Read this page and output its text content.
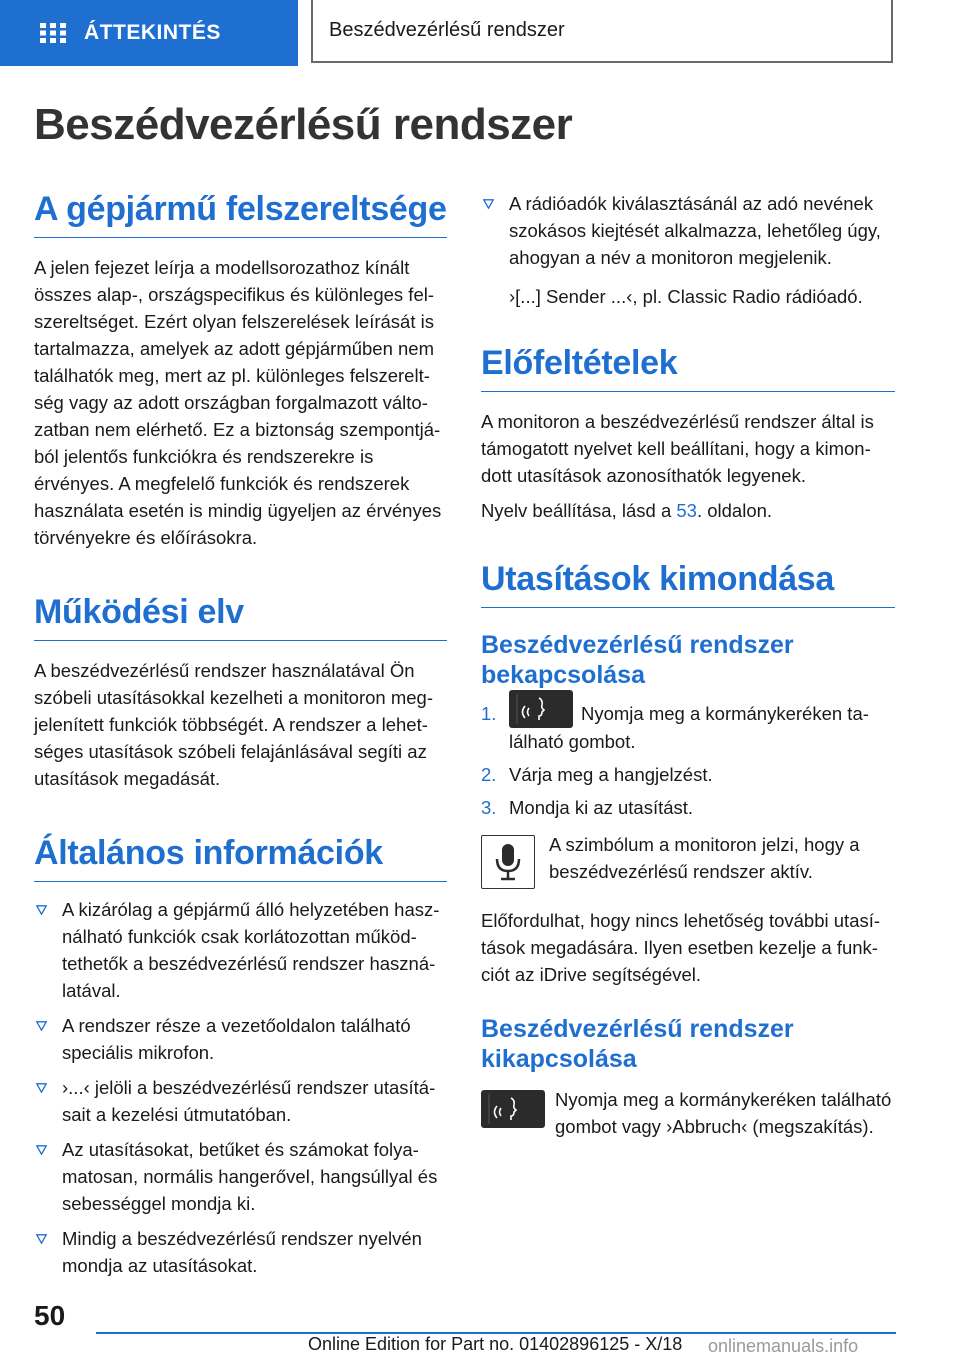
ÁTTEKINTÉS	Beszédvezérlésű rendszer
Beszédvezérlésű rendszer
A gépjármű felszereltsége

A jelen fejezet leírja a modellsorozathoz kínált összes alap-, országspecifikus és különleges felszereltséget. Ezért olyan felszerelések leírását is tartalmazza, amelyek az adott gépjárműben nem találhatók meg, mert az pl. különleges felszereltség vagy az adott országban forgalmazott változatban nem elérhető. Ez a biztonság szempontjából jelentős funkciókra és rendszerekre is érvényes. A megfelelő funkciók és rendszerek használata esetén is mindig ügyeljen az érvényes törvényekre és előírásokra.

Működési elv

A beszédvezérlésű rendszer használatával Ön szóbeli utasításokkal kezelheti a monitoron megjelenített funkciók többségét. A rendszer a lehetséges utasítások szóbeli felajánlásával segíti az utasítások megadását.

Általános információk
A kizárólag a gépjármű álló helyzetében használható funkciók csak korlátozottan működtethetők a beszédvezérlésű rendszer használatával.
A rendszer része a vezetőoldalon található speciális mikrofon.
›...‹ jelöli a beszédvezérlésű rendszer utasításait a kezelési útmutatóban.
Az utasításokat, betűket és számokat folyamatosan, normális hangerővel, hangsúllyal és sebességgel mondja ki.
Mindig a beszédvezérlésű rendszer nyelvén mondja az utasításokat.
A rádióadók kiválasztásánál az adó nevének szokásos kiejtését alkalmazza, lehetőleg úgy, ahogyan a név a monitoron megjelenik.
›[...] Sender ...‹, pl. Classic Radio rádióadó.
Előfeltételek

A monitoron a beszédvezérlésű rendszer által is támogatott nyelvet kell beállítani, hogy a kimondott utasítások azonosíthatók legyenek.

Nyelv beállítása, lásd a 53. oldalon.

Utasítások kimondása
Beszédvezérlésű rendszer bekapcsolása
1.	Nyomja meg a kormánykeréken található gombot.
2. Várja meg a hangjelzést.
3. Mondja ki az utasítást.

A szimbólum a monitoron jelzi, hogy a beszédvezérlésű rendszer aktív.

Előfordulhat, hogy nincs lehetőség további utasítások megadására. Ilyen esetben kezelje a funkciót az iDrive segítségével.

Beszédvezérlésű rendszer kikapcsolása

Nyomja meg a kormánykeréken található gombot vagy ›Abbruch‹ (megszakítás).

50
Online Edition for Part no. 01402896125 - X/18 onlinemanuals.info
